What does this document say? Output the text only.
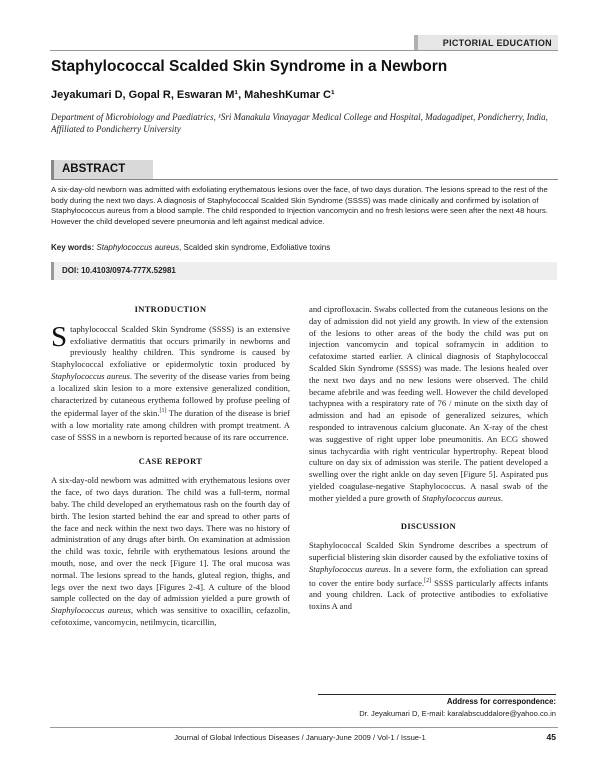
PICTORIAL EDUCATION
Staphylococcal Scalded Skin Syndrome in a Newborn
Jeyakumari D, Gopal R, Eswaran M¹, MaheshKumar C¹
Department of Microbiology and Paediatrics, ¹Sri Manakula Vinayagar Medical College and Hospital, Madagadipet, Pondicherry, India, Affiliated to Pondicherry University
ABSTRACT
A six-day-old newborn was admitted with exfoliating erythematous lesions over the face, of two days duration. The lesions spread to the rest of the body during the next two days. A diagnosis of Staphylococcal Scalded Skin Syndrome (SSSS) was made clinically and confirmed by isolation of Staphylococcus aureus from a blood sample. The child responded to Injection vancomycin and no fresh lesions were seen after the next 48 hours. However the child developed severe pneumonia and left against medical advice.
Key words: Staphylococcus aureus, Scalded skin syndrome, Exfoliative toxins
DOI: 10.4103/0974-777X.52981
INTRODUCTION

Staphylococcal Scalded Skin Syndrome (SSSS) is an extensive exfoliative dermatitis that occurs primarily in newborns and previously healthy children. This syndrome is caused by Staphylococcal exfoliative or epidermolytic toxin produced by Staphylococcus aureus. The severity of the disease varies from being a localized skin lesion to a more extensive generalized condition, characterized by cutaneous erythema followed by profuse peeling of the epidermal layer of the skin.[1] The duration of the disease is brief with a low mortality rate among children with prompt treatment. A case of SSSS in a newborn is reported because of its rare occurrence.

CASE REPORT

A six-day-old newborn was admitted with erythematous lesions over the face, of two days duration. The child was a full-term, normal baby. The child developed an erythematous rash on the fourth day of birth. The lesion started behind the ear and spread to other parts of the face and neck within the next two days. There was no history of administration of any drugs after birth. On examination at admission the child was toxic, febrile with erythematous lesions around the mouth, nose, and over the neck [Figure 1]. The oral mucosa was normal. The lesions spread to the hands, gluteal region, thighs, and legs over the next two days [Figures 2-4]. A culture of the blood sample collected on the day of admission yielded a pure growth of Staphylococcus aureus, which was sensitive to oxacillin, cefazolin, cefotoxime, vancomycin, netilmycin, ticarcillin,

and ciprofloxacin. Swabs collected from the cutaneous lesions on the day of admission did not yield any growth. In view of the extension of the lesions to other areas of the body the child was put on injection vancomycin and topical soframycin in addition to cefatoxime started earlier. A clinical diagnosis of Staphylococcal Scalded Skin Syndrome (SSSS) was made. The lesions healed over the next two days and no new lesions were observed. The child became afebrile and was feeding well. However the child developed tachypnea with a respiratory rate of 76 / minute on the sixth day of admission and had an episode of generalized seizures, which responded to intravenous calcium gluconate. An X-ray of the chest was suggestive of right upper lobe pneumonitis. An ECG showed sinus tachycardia with right ventricular hypertrophy. Repeat blood culture on day six of admission was sterile. The patient developed a swelling over the right ankle on day seven [Figure 5]. Aspirated pus yielded coagulase-negative Staphylococcus. A nasal swab of the mother yielded a pure growth of Staphylococcus aureus.

DISCUSSION

Staphylococcal Scalded Skin Syndrome describes a spectrum of superficial blistering skin disorder caused by the exfoliative toxins of Staphylococcus aureus. In a severe form, the exfoliation can spread to cover the entire body surface.[2] SSSS particularly affects infants and young children. Lack of protective antibodies to exfoliative toxins A and

Address for correspondence:
Dr. Jeyakumari D, E-mail: karalabscuddalore@yahoo.co.in
Journal of Global Infectious Diseases / January-June 2009 / Vol-1 / Issue-1	45
